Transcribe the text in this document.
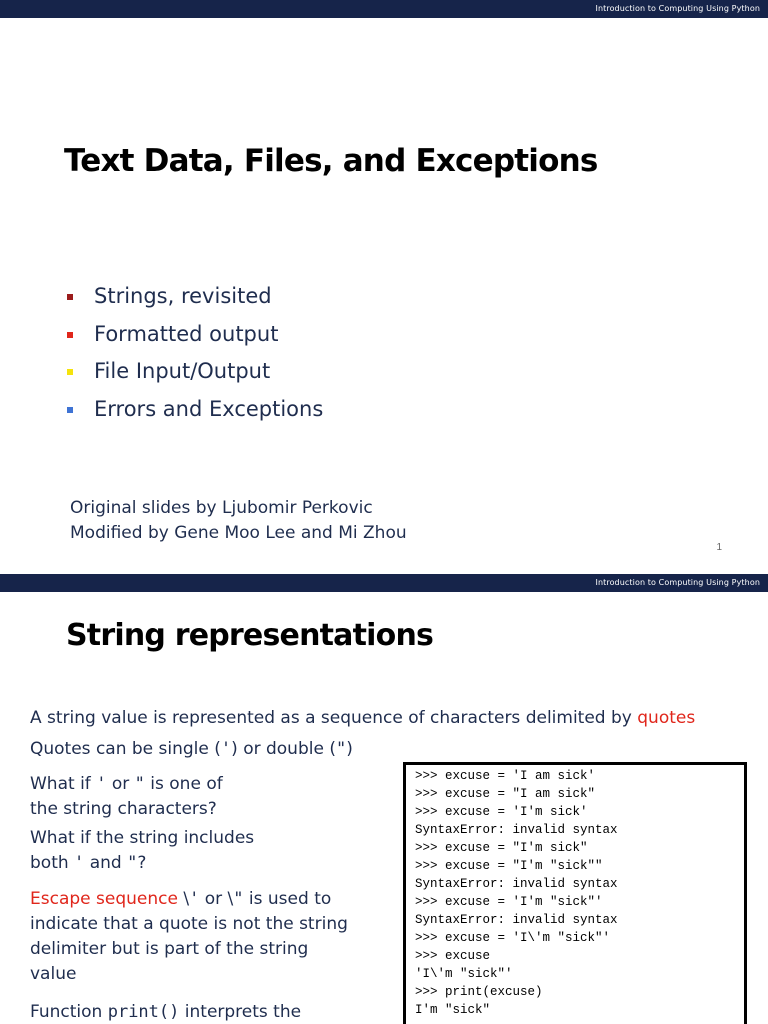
Introduction to Computing Using Python
Text Data, Files, and Exceptions
Strings, revisited
Formatted output
File Input/Output
Errors and Exceptions
Original slides by Ljubomir Perkovic
Modified by Gene Moo Lee and Mi Zhou
1
Introduction to Computing Using Python
String representations
A string value is represented as a sequence of characters delimited by quotes
Quotes can be single (') or double (")
What if ' or " is one of
the string characters?
What if the string includes
both ' and "?
Escape sequence \' or \" is used to
indicate that a quote is not the string
delimiter but is part of the string
value
Function print() interprets the
>>> excuse = 'I am sick'
>>> excuse = "I am sick"
>>> excuse = 'I'm sick'
SyntaxError: invalid syntax
>>> excuse = "I'm sick"
>>> excuse = "I'm "sick""
SyntaxError: invalid syntax
>>> excuse = 'I'm "sick"'
SyntaxError: invalid syntax
>>> excuse = 'I\'m "sick"'
>>> excuse
'I\'m "sick"'
>>> print(excuse)
I'm "sick"
